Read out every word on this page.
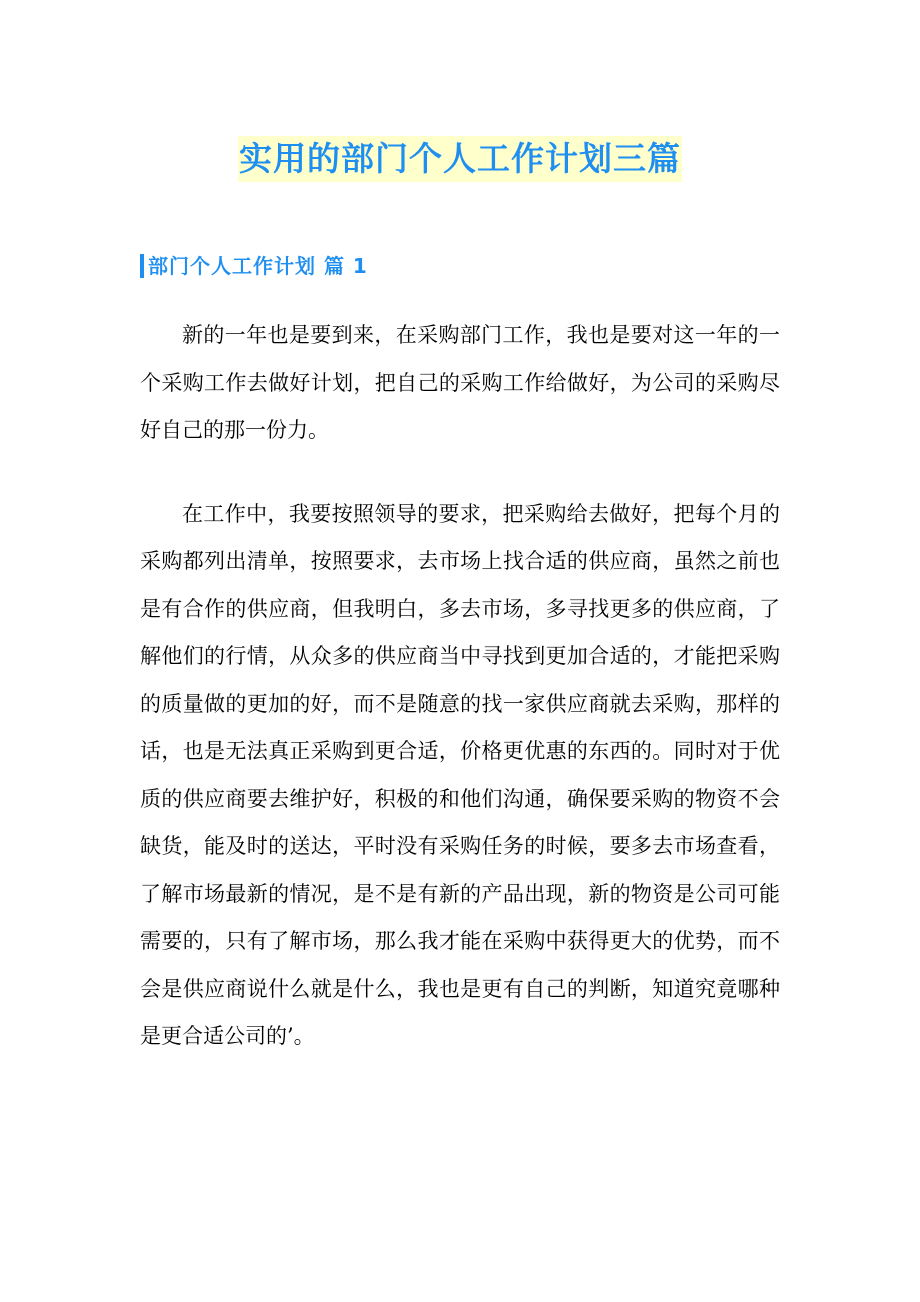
实用的部门个人工作计划三篇
部门个人工作计划 篇 1

新的一年也是要到来，在采购部门工作，我也是要对这一年的一个采购工作去做好计划，把自己的采购工作给做好，为公司的采购尽好自己的那一份力。

在工作中，我要按照领导的要求，把采购给去做好，把每个月的采购都列出清单，按照要求，去市场上找合适的供应商，虽然之前也是有合作的供应商，但我明白，多去市场，多寻找更多的供应商，了解他们的行情，从众多的供应商当中寻找到更加合适的，才能把采购的质量做的更加的好，而不是随意的找一家供应商就去采购，那样的话，也是无法真正采购到更合适，价格更优惠的东西的。同时对于优质的供应商要去维护好，积极的和他们沟通，确保要采购的物资不会缺货，能及时的送达，平时没有采购任务的时候，要多去市场查看，了解市场最新的情况，是不是有新的产品出现，新的物资是公司可能需要的，只有了解市场，那么我才能在采购中获得更大的优势，而不会是供应商说什么就是什么，我也是更有自己的判断，知道究竟哪种是更合适公司的’。
